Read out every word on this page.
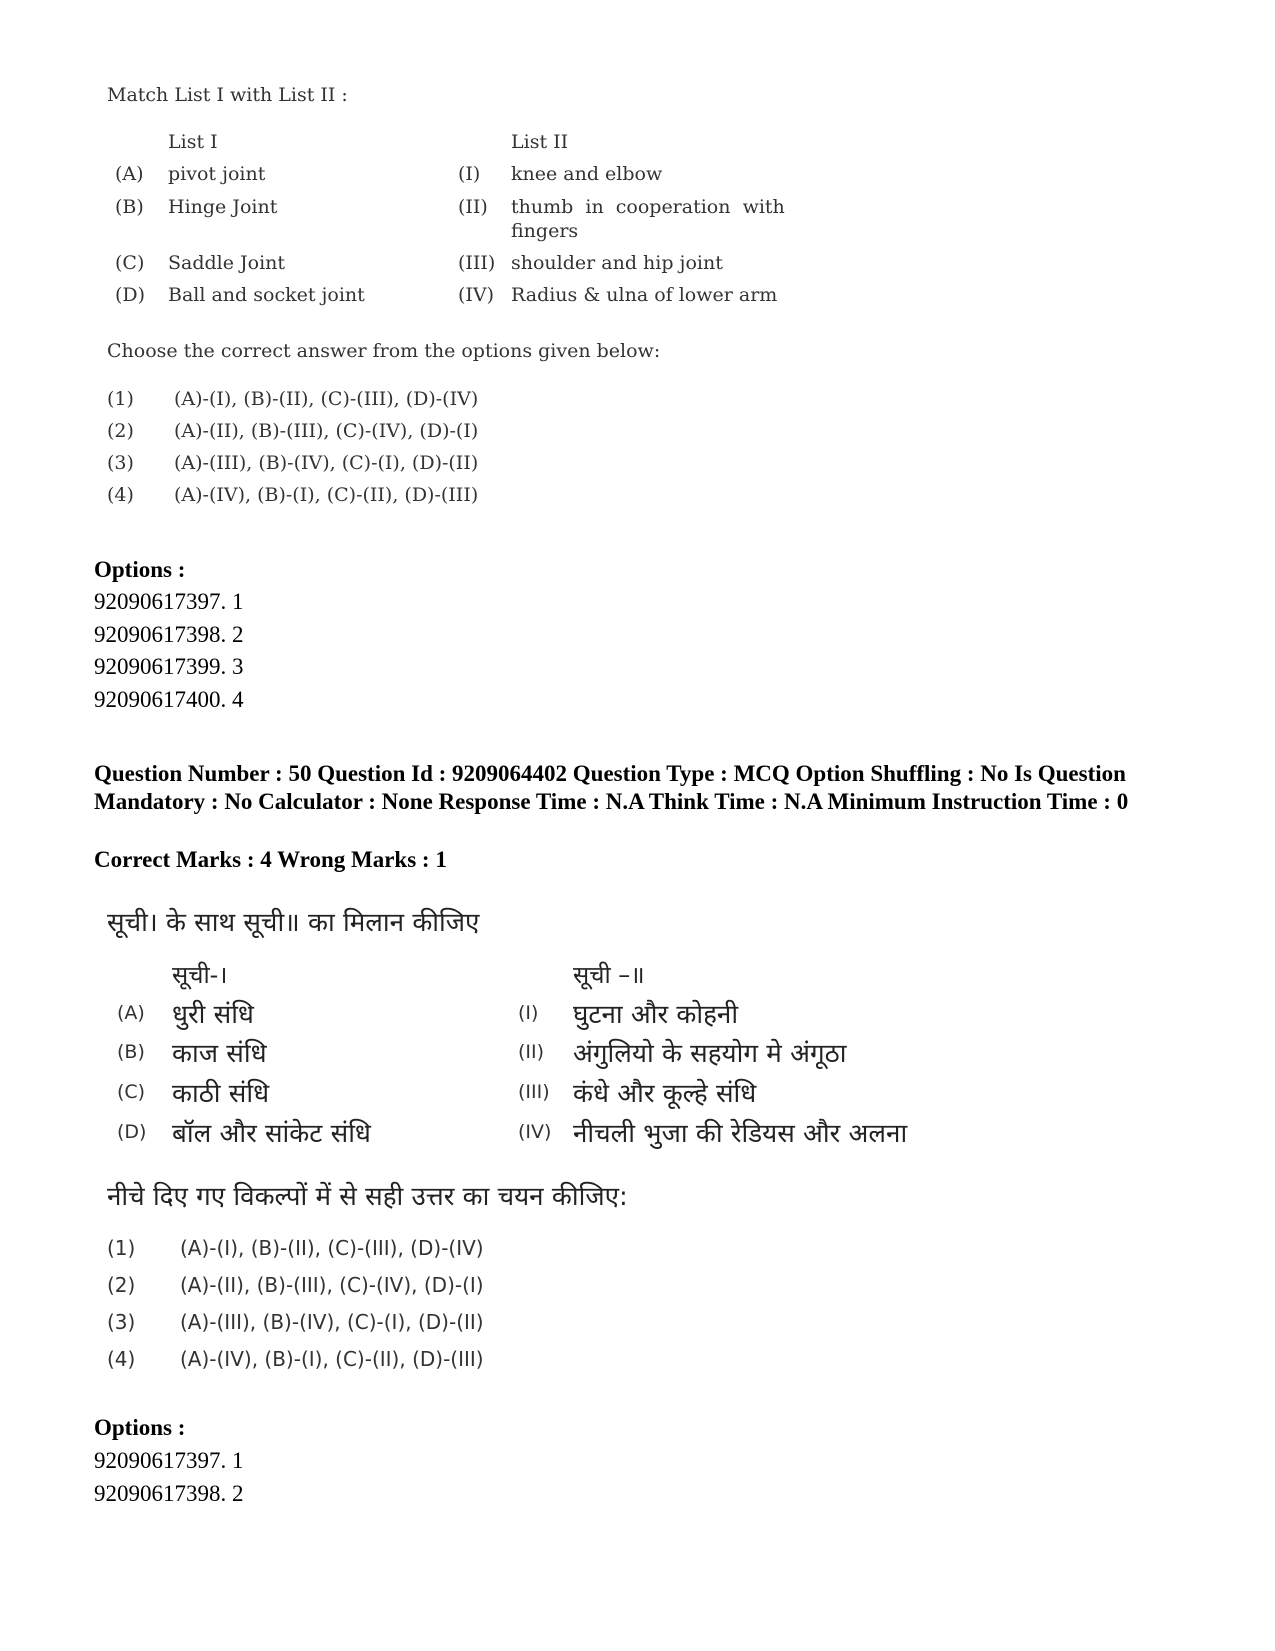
Match List I with List II :
List I	List II
(A) pivot joint	(I) knee and elbow
(B) Hinge Joint	(II) thumb  in  cooperation  with
fingers
(C) Saddle Joint	(III) shoulder and hip joint
(D) Ball and socket joint	(IV) Radius & ulna of lower arm
Choose the correct answer from the options given below:
(1) (A)-(I), (B)-(II), (C)-(III), (D)-(IV)
(2) (A)-(II), (B)-(III), (C)-(IV), (D)-(I)
(3) (A)-(III), (B)-(IV), (C)-(I), (D)-(II)
(4) (A)-(IV), (B)-(I), (C)-(II), (D)-(III)
Options :
92090617397. 1
92090617398. 2
92090617399. 3
92090617400. 4
Question Number : 50 Question Id : 9209064402 Question Type : MCQ Option Shuffling : No Is Question Mandatory : No Calculator : None Response Time : N.A Think Time : N.A Minimum Instruction Time : 0
Correct Marks : 4 Wrong Marks : 1
सूची। के साथ सूची॥ का मिलान कीजिए
सूची-।	सूची –॥
(A) धुरी संधि	(I) घुटना और कोहनी
(B) काज संधि	(II) अंगुलियो के सहयोग मे अंगूठा
(C) काठी संधि	(III) कंधे और कूल्हे संधि
(D) बॉल और सांकेट संधि	(IV) नीचली भुजा की रेडियस और अलना
नीचे दिए गए विकल्पों में से सही उत्तर का चयन कीजिए:
(1) (A)-(I), (B)-(II), (C)-(III), (D)-(IV)
(2) (A)-(II), (B)-(III), (C)-(IV), (D)-(I)
(3) (A)-(III), (B)-(IV), (C)-(I), (D)-(II)
(4) (A)-(IV), (B)-(I), (C)-(II), (D)-(III)
Options :
92090617397. 1
92090617398. 2
